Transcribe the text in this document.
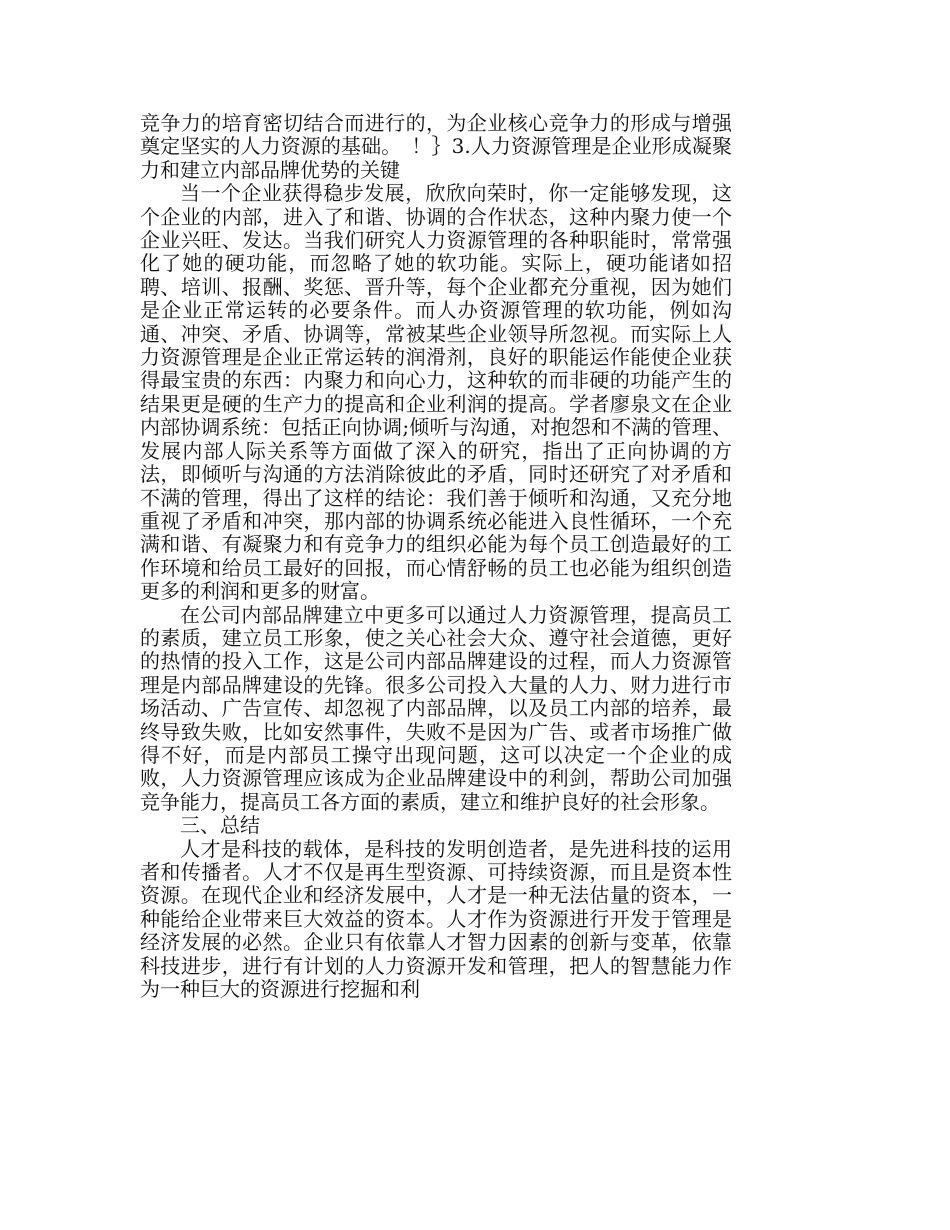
竞争力的培育密切结合而进行的，为企业核心竞争力的形成与增强奠定坚实的人力资源的基础。　！｝3.人力资源管理是企业形成凝聚力和建立内部品牌优势的关键

当一个企业获得稳步发展，欣欣向荣时，你一定能够发现，这个企业的内部，进入了和谐、协调的合作状态，这种内聚力使一个企业兴旺、发达。当我们研究人力资源管理的各种职能时，常常强化了她的硬功能，而忽略了她的软功能。实际上，硬功能诸如招聘、培训、报酬、奖惩、晋升等，每个企业都充分重视，因为她们是企业正常运转的必要条件。而人办资源管理的软功能，例如沟通、冲突、矛盾、协调等，常被某些企业领导所忽视。而实际上人力资源管理是企业正常运转的润滑剂，良好的职能运作能使企业获得最宝贵的东西：内聚力和向心力，这种软的而非硬的功能产生的结果更是硬的生产力的提高和企业利润的提高。学者廖泉文在企业内部协调系统：包括正向协调;倾听与沟通，对抱怨和不满的管理、发展内部人际关系等方面做了深入的研究，指出了正向协调的方法，即倾听与沟通的方法消除彼此的矛盾，同时还研究了对矛盾和不满的管理，得出了这样的结论：我们善于倾听和沟通，又充分地重视了矛盾和冲突，那内部的协调系统必能进入良性循环，一个充满和谐、有凝聚力和有竞争力的组织必能为每个员工创造最好的工作环境和给员工最好的回报，而心情舒畅的员工也必能为组织创造更多的利润和更多的财富。

在公司内部品牌建立中更多可以通过人力资源管理，提高员工的素质，建立员工形象，使之关心社会大众、遵守社会道德，更好的热情的投入工作，这是公司内部品牌建设的过程，而人力资源管理是内部品牌建设的先锋。很多公司投入大量的人力、财力进行市场活动、广告宣传、却忽视了内部品牌，以及员工内部的培养，最终导致失败，比如安然事件，失败不是因为广告、或者市场推广做得不好，而是内部员工操守出现问题，这可以决定一个企业的成败，人力资源管理应该成为企业品牌建设中的利剑，帮助公司加强竞争能力，提高员工各方面的素质，建立和维护良好的社会形象。

三、总结

人才是科技的载体，是科技的发明创造者，是先进科技的运用者和传播者。人才不仅是再生型资源、可持续资源，而且是资本性资源。在现代企业和经济发展中，人才是一种无法估量的资本，一种能给企业带来巨大效益的资本。人才作为资源进行开发于管理是经济发展的必然。企业只有依靠人才智力因素的创新与变革，依靠科技进步，进行有计划的人力资源开发和管理，把人的智慧能力作为一种巨大的资源进行挖掘和利
